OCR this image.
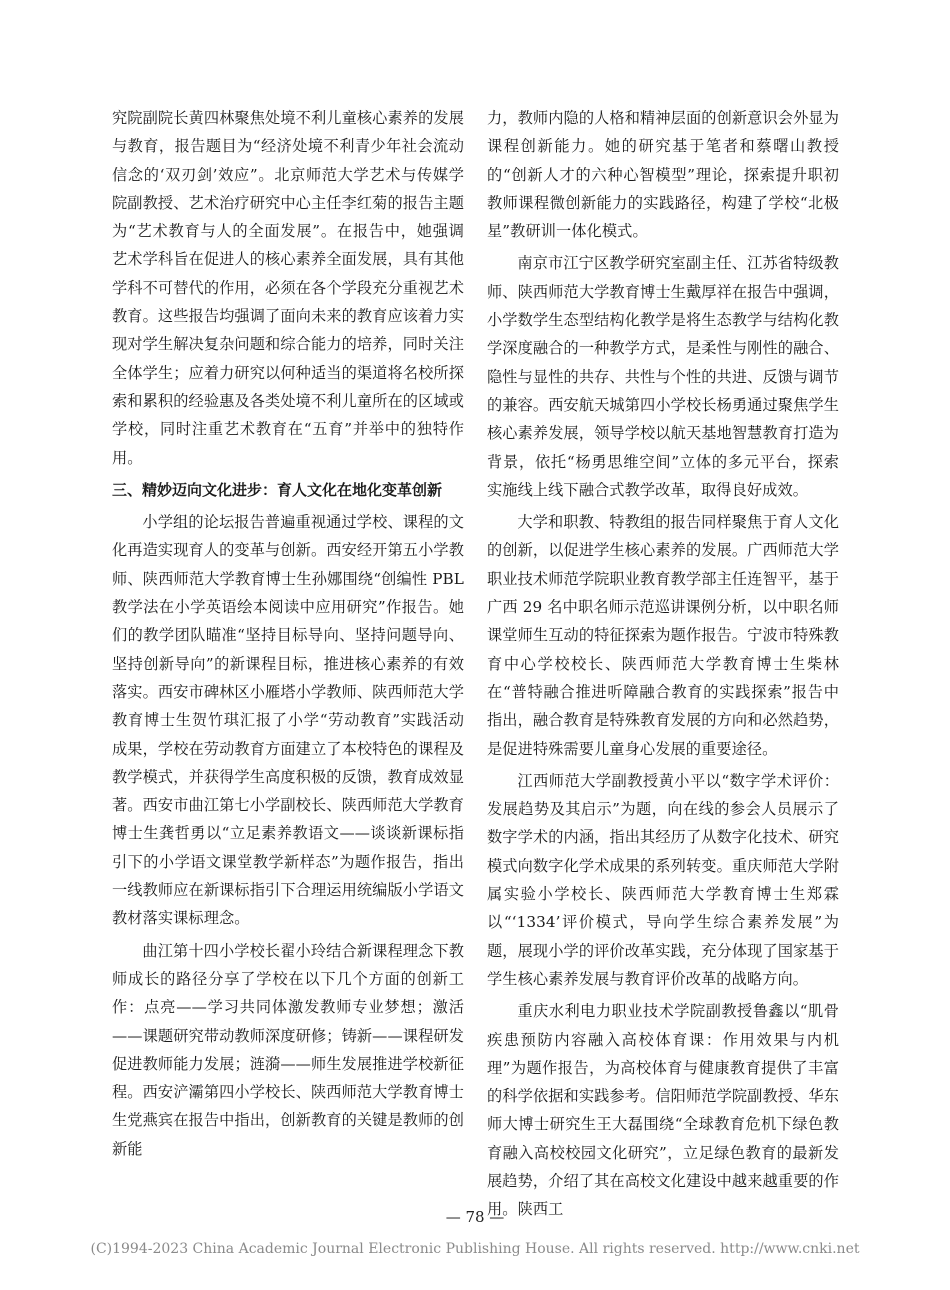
究院副院长黄四林聚焦处境不利儿童核心素养的发展与教育，报告题目为“经济处境不利青少年社会流动信念的‘双刃剑’效应”。北京师范大学艺术与传媒学院副教授、艺术治疗研究中心主任李红菊的报告主题为“艺术教育与人的全面发展”。在报告中，她强调艺术学科旨在促进人的核心素养全面发展，具有其他学科不可替代的作用，必须在各个学段充分重视艺术教育。这些报告均强调了面向未来的教育应该着力实现对学生解决复杂问题和综合能力的培养，同时关注全体学生；应着力研究以何种适当的渠道将名校所探索和累积的经验惠及各类处境不利儿童所在的区域或学校，同时注重艺术教育在“五育”并举中的独特作用。

三、精妙迈向文化进步：育人文化在地化变革创新

小学组的论坛报告普遍重视通过学校、课程的文化再造实现育人的变革与创新。西安经开第五小学教师、陕西师范大学教育博士生孙娜围绕“创编性 PBL 教学法在小学英语绘本阅读中应用研究”作报告。她们的教学团队瞄准“坚持目标导向、坚持问题导向、坚持创新导向”的新课程目标，推进核心素养的有效落实。西安市碑林区小雁塔小学教师、陕西师范大学教育博士生贺竹琪汇报了小学“劳动教育”实践活动成果，学校在劳动教育方面建立了本校特色的课程及教学模式，并获得学生高度积极的反馈，教育成效显著。西安市曲江第七小学副校长、陕西师范大学教育博士生龚哲勇以“立足素养教语文——谈谈新课标指引下的小学语文课堂教学新样态”为题作报告，指出一线教师应在新课标指引下合理运用统编版小学语文教材落实课标理念。

曲江第十四小学校长翟小玲结合新课程理念下教师成长的路径分享了学校在以下几个方面的创新工作：点亮——学习共同体激发教师专业梦想；激活——课题研究带动教师深度研修；铸新——课程研发促进教师能力发展；涟漪——师生发展推进学校新征程。西安浐灞第四小学校长、陕西师范大学教育博士生党燕宾在报告中指出，创新教育的关键是教师的创新能

力，教师内隐的人格和精神层面的创新意识会外显为课程创新能力。她的研究基于笔者和蔡曙山教授的“创新人才的六种心智模型”理论，探索提升职初教师课程微创新能力的实践路径，构建了学校“北极星”教研训一体化模式。

南京市江宁区教学研究室副主任、江苏省特级教师、陕西师范大学教育博士生戴厚祥在报告中强调，小学数学生态型结构化教学是将生态教学与结构化教学深度融合的一种教学方式，是柔性与刚性的融合、隐性与显性的共存、共性与个性的共进、反馈与调节的兼容。西安航天城第四小学校长杨勇通过聚焦学生核心素养发展，领导学校以航天基地智慧教育打造为背景，依托“杨勇思维空间”立体的多元平台，探索实施线上线下融合式教学改革，取得良好成效。

大学和职教、特教组的报告同样聚焦于育人文化的创新，以促进学生核心素养的发展。广西师范大学职业技术师范学院职业教育教学部主任连智平，基于广西 29 名中职名师示范巡讲课例分析，以中职名师课堂师生互动的特征探索为题作报告。宁波市特殊教育中心学校校长、陕西师范大学教育博士生柴林在“普特融合推进听障融合教育的实践探索”报告中指出，融合教育是特殊教育发展的方向和必然趋势，是促进特殊需要儿童身心发展的重要途径。

江西师范大学副教授黄小平以“数字学术评价：发展趋势及其启示”为题，向在线的参会人员展示了数字学术的内涵，指出其经历了从数字化技术、研究模式向数字化学术成果的系列转变。重庆师范大学附属实验小学校长、陕西师范大学教育博士生郑霖以“‘1334’评价模式，导向学生综合素养发展”为题，展现小学的评价改革实践，充分体现了国家基于学生核心素养发展与教育评价改革的战略方向。

重庆水利电力职业技术学院副教授鲁鑫以“肌骨疾患预防内容融入高校体育课：作用效果与内机理”为题作报告，为高校体育与健康教育提供了丰富的科学依据和实践参考。信阳师范学院副教授、华东师大博士研究生王大磊围绕“全球教育危机下绿色教育融入高校校园文化研究”，立足绿色教育的最新发展趋势，介绍了其在高校文化建设中越来越重要的作用。陕西工

— 78 —
(C)1994-2023 China Academic Journal Electronic Publishing House. All rights reserved. http://www.cnki.net
